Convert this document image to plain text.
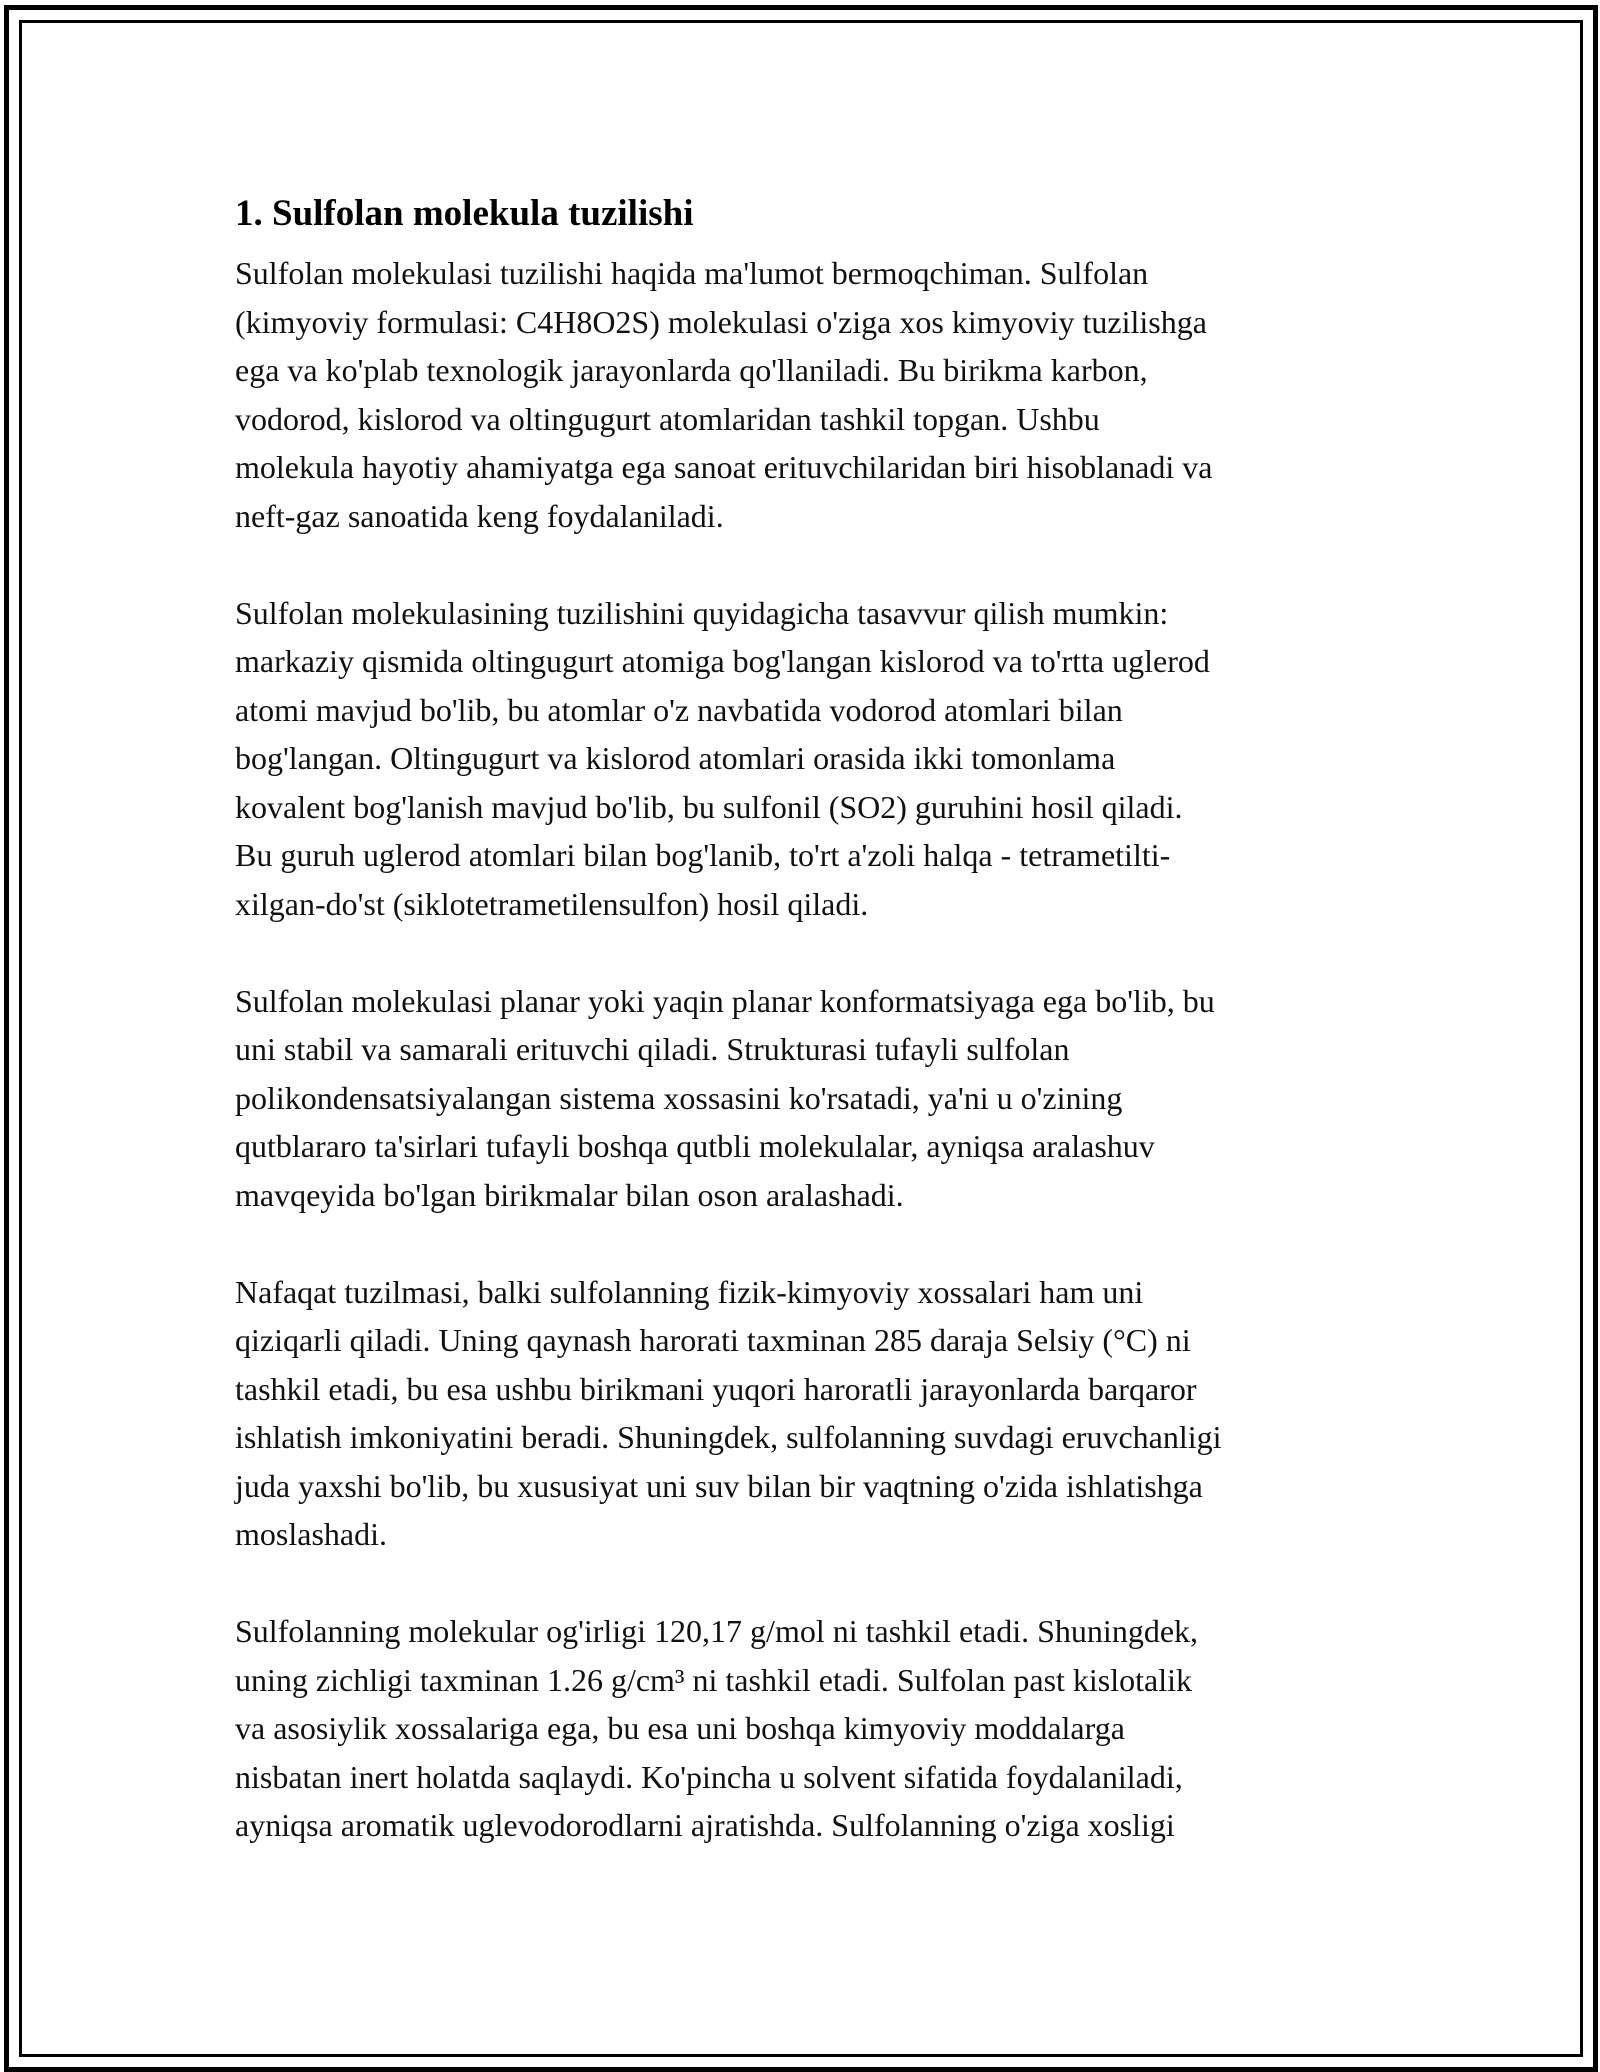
1. Sulfolan molekula tuzilishi

Sulfolan molekulasi tuzilishi haqida ma'lumot bermoqchiman. Sulfolan
(kimyoviy formulasi: C4H8O2S) molekulasi o'ziga xos kimyoviy tuzilishga
ega va ko'plab texnologik jarayonlarda qo'llaniladi. Bu birikma karbon,
vodorod, kislorod va oltingugurt atomlaridan tashkil topgan. Ushbu
molekula hayotiy ahamiyatga ega sanoat erituvchilaridan biri hisoblanadi va
neft-gaz sanoatida keng foydalaniladi.

Sulfolan molekulasining tuzilishini quyidagicha tasavvur qilish mumkin:
markaziy qismida oltingugurt atomiga bog'langan kislorod va to'rtta uglerod
atomi mavjud bo'lib, bu atomlar o'z navbatida vodorod atomlari bilan
bog'langan. Oltingugurt va kislorod atomlari orasida ikki tomonlama
kovalent bog'lanish mavjud bo'lib, bu sulfonil (SO2) guruhini hosil qiladi.
Bu guruh uglerod atomlari bilan bog'lanib, to'rt a'zoli halqa - tetrametilti-
xilgan-do'st (siklotetrametilensulfon) hosil qiladi.

Sulfolan molekulasi planar yoki yaqin planar konformatsiyaga ega bo'lib, bu
uni stabil va samarali erituvchi qiladi. Strukturasi tufayli sulfolan
polikondensatsiyalangan sistema xossasini ko'rsatadi, ya'ni u o'zining
qutblararo ta'sirlari tufayli boshqa qutbli molekulalar, ayniqsa aralashuv
mavqeyida bo'lgan birikmalar bilan oson aralashadi.

Nafaqat tuzilmasi, balki sulfolanning fizik-kimyoviy xossalari ham uni
qiziqarli qiladi. Uning qaynash harorati taxminan 285 daraja Selsiy (°C) ni
tashkil etadi, bu esa ushbu birikmani yuqori haroratli jarayonlarda barqaror
ishlatish imkoniyatini beradi. Shuningdek, sulfolanning suvdagi eruvchanligi
juda yaxshi bo'lib, bu xususiyat uni suv bilan bir vaqtning o'zida ishlatishga
moslashadi.

Sulfolanning molekular og'irligi 120,17 g/mol ni tashkil etadi. Shuningdek,
uning zichligi taxminan 1.26 g/cm³ ni tashkil etadi. Sulfolan past kislotalik
va asosiylik xossalariga ega, bu esa uni boshqa kimyoviy moddalarga
nisbatan inert holatda saqlaydi. Ko'pincha u solvent sifatida foydalaniladi,
ayniqsa aromatik uglevodorodlarni ajratishda. Sulfolanning o'ziga xosligi
